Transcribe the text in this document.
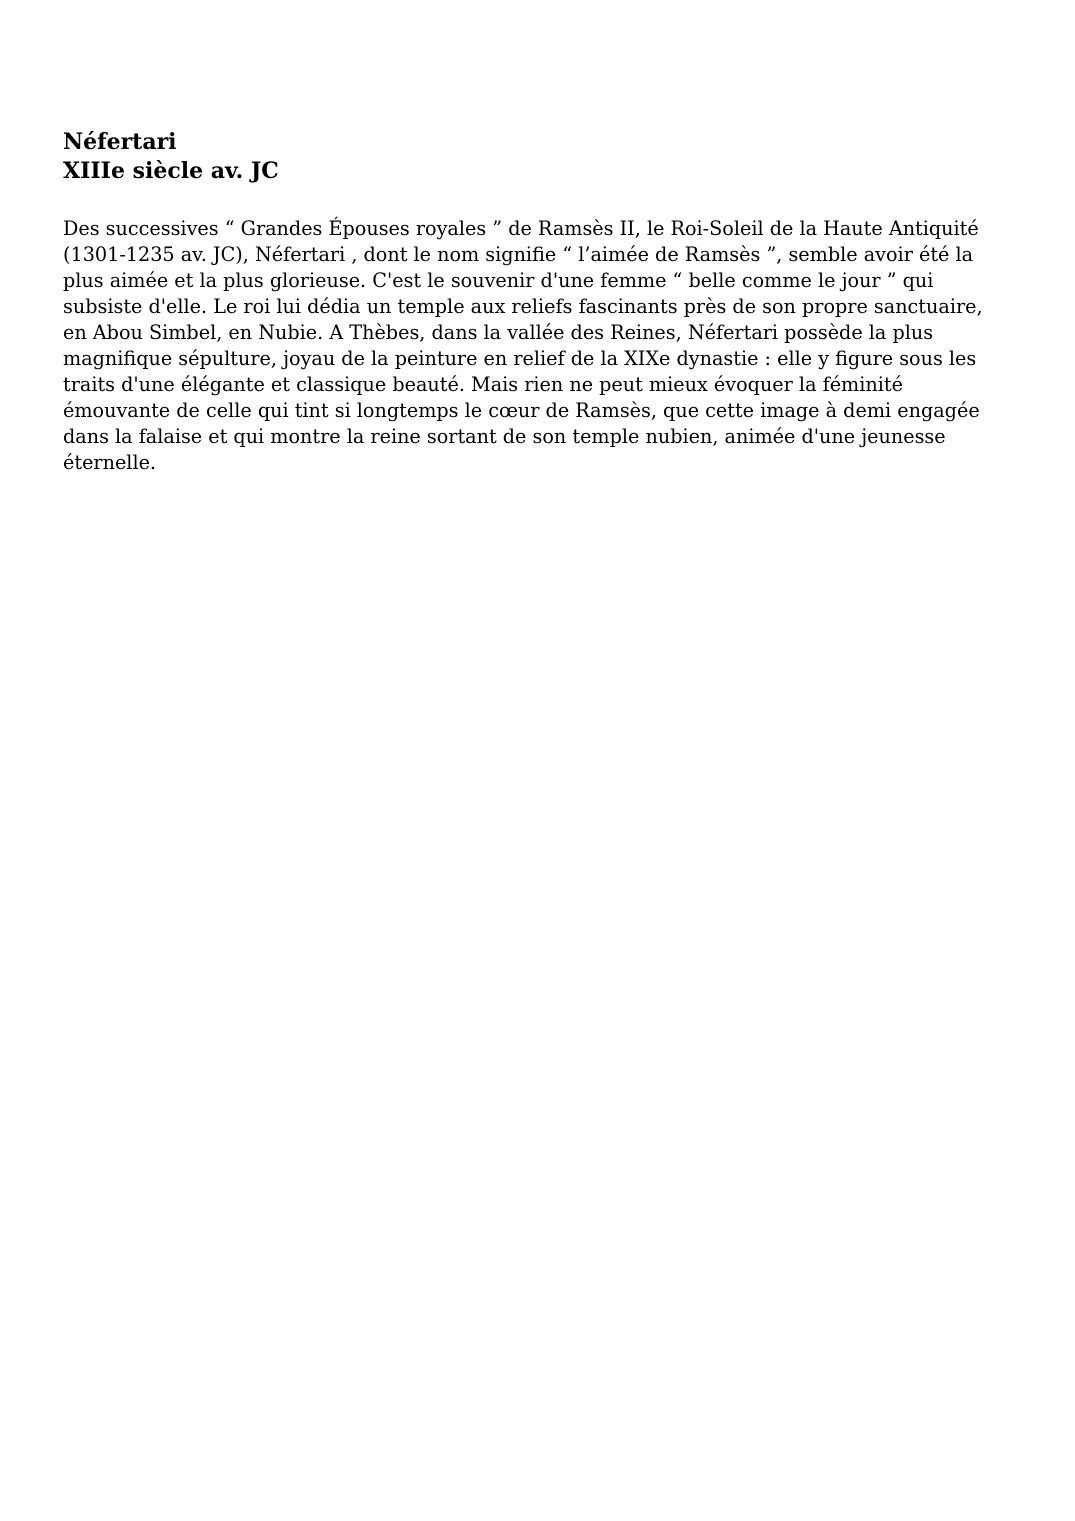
Néfertari
XIIIe siècle av. JC

Des successives “ Grandes Épouses royales ” de Ramsès II, le Roi-Soleil de la Haute Antiquité
(1301-1235 av. JC), Néfertari , dont le nom signifie “ l’aimée de Ramsès ”, semble avoir été la
plus aimée et la plus glorieuse. C'est le souvenir d'une femme “ belle comme le jour ” qui
subsiste d'elle. Le roi lui dédia un temple aux reliefs fascinants près de son propre sanctuaire,
en Abou Simbel, en Nubie. A Thèbes, dans la vallée des Reines, Néfertari possède la plus
magnifique sépulture, joyau de la peinture en relief de la XIXe dynastie : elle y figure sous les
traits d'une élégante et classique beauté. Mais rien ne peut mieux évoquer la féminité
émouvante de celle qui tint si longtemps le cœur de Ramsès, que cette image à demi engagée
dans la falaise et qui montre la reine sortant de son temple nubien, animée d'une jeunesse
éternelle.
